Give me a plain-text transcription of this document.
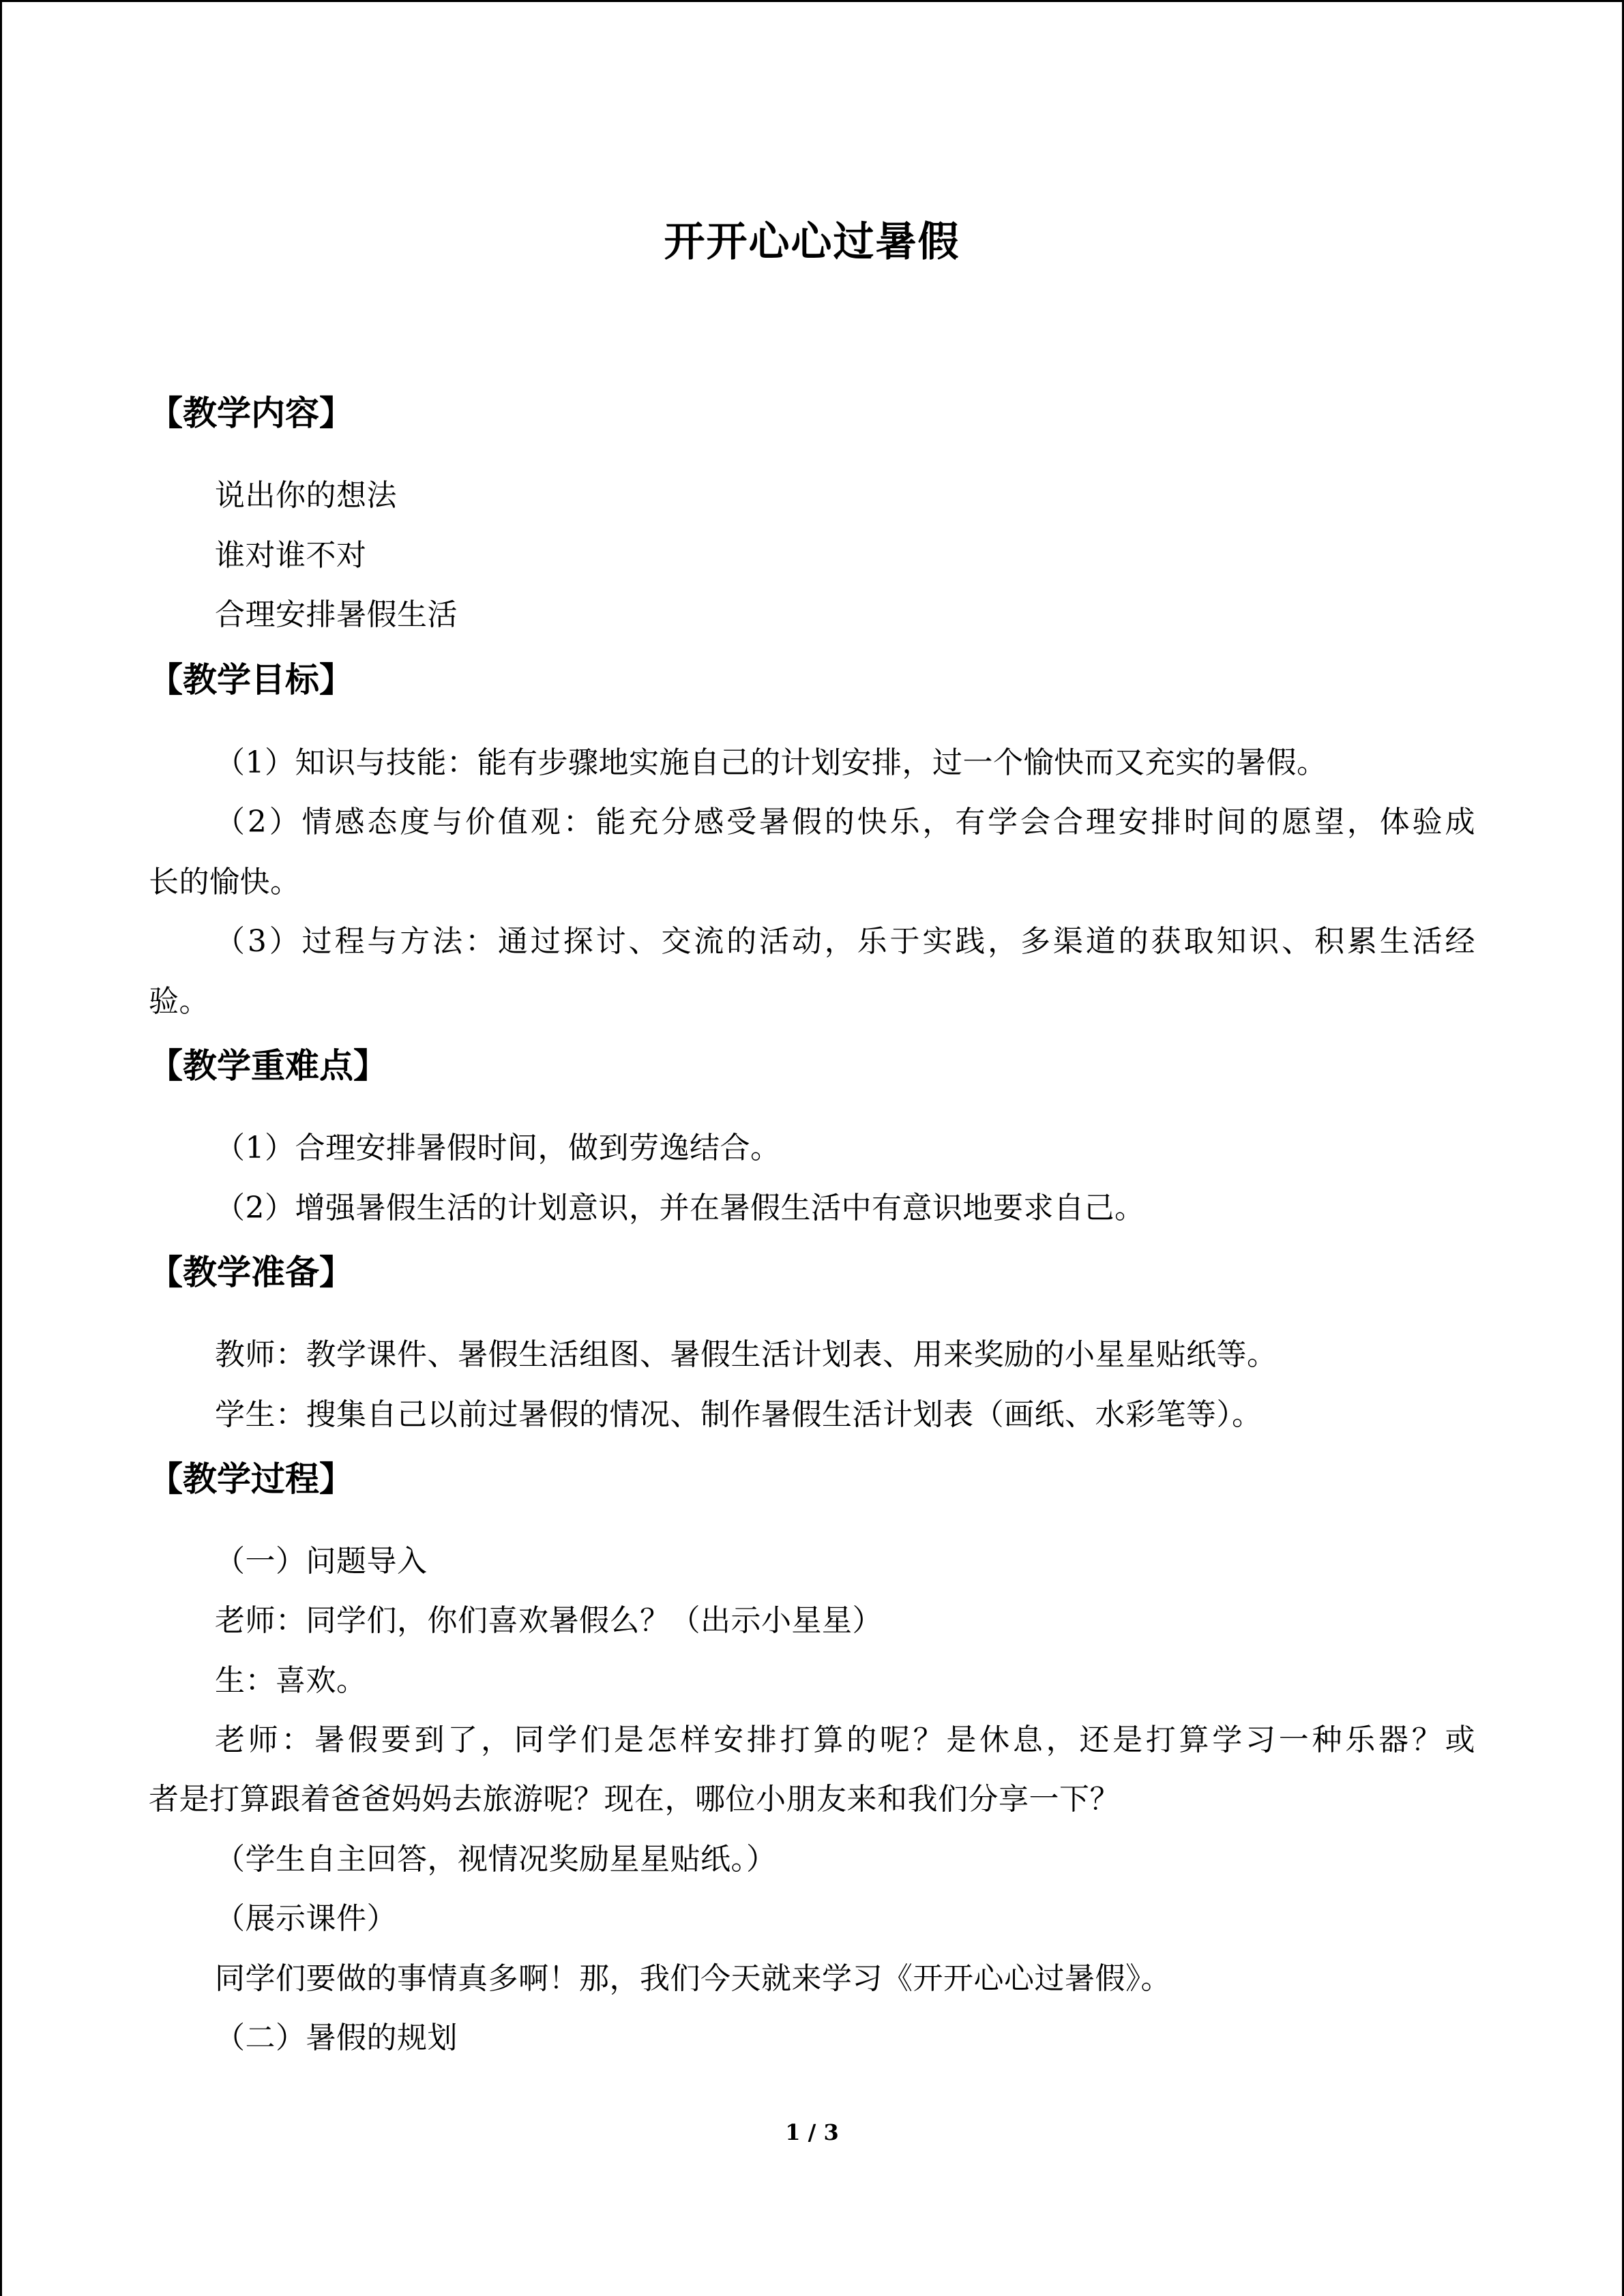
开开心心过暑假
【教学内容】
说出你的想法
谁对谁不对
合理安排暑假生活
【教学目标】
（1）知识与技能：能有步骤地实施自己的计划安排，过一个愉快而又充实的暑假。
（2）情感态度与价值观：能充分感受暑假的快乐，有学会合理安排时间的愿望，体验成
长的愉快。
（3）过程与方法：通过探讨、交流的活动，乐于实践，多渠道的获取知识、积累生活经
验。
【教学重难点】
（1）合理安排暑假时间，做到劳逸结合。
（2）增强暑假生活的计划意识，并在暑假生活中有意识地要求自己。
【教学准备】
教师：教学课件、暑假生活组图、暑假生活计划表、用来奖励的小星星贴纸等。
学生：搜集自己以前过暑假的情况、制作暑假生活计划表（画纸、水彩笔等）。
【教学过程】
（一）问题导入
老师：同学们，你们喜欢暑假么？（出示小星星）
生：喜欢。
老师：暑假要到了，同学们是怎样安排打算的呢？是休息，还是打算学习一种乐器？或
者是打算跟着爸爸妈妈去旅游呢？现在，哪位小朋友来和我们分享一下？
（学生自主回答，视情况奖励星星贴纸。）
（展示课件）
同学们要做的事情真多啊！那，我们今天就来学习《开开心心过暑假》。
（二）暑假的规划
1 / 3
